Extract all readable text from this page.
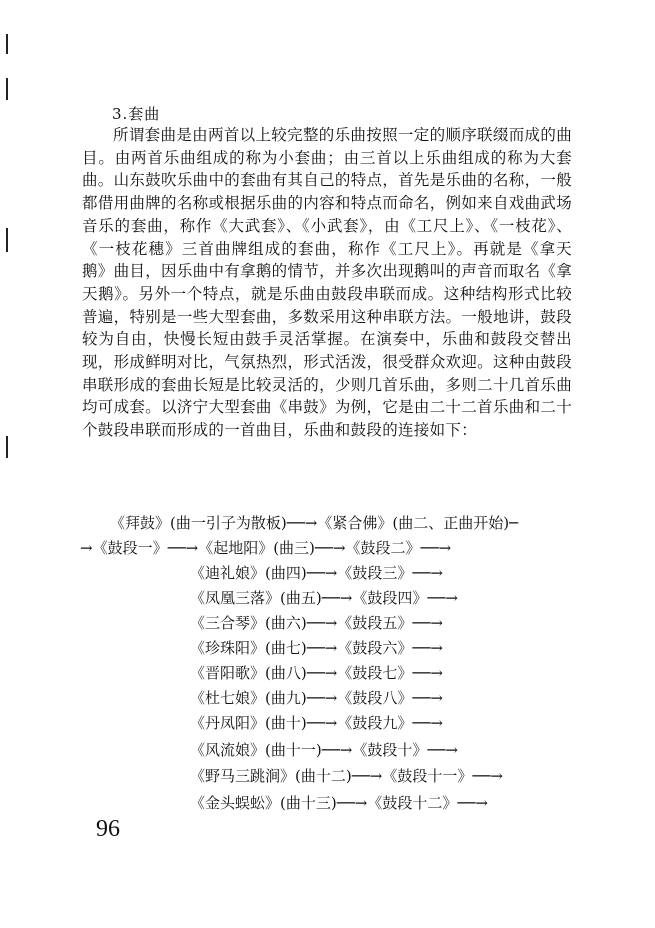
3.套曲

所谓套曲是由两首以上较完整的乐曲按照一定的顺序联缀而成的曲目。由两首乐曲组成的称为小套曲；由三首以上乐曲组成的称为大套曲。山东鼓吹乐曲中的套曲有其自己的特点，首先是乐曲的名称，一般都借用曲牌的名称或根据乐曲的内容和特点而命名，例如来自戏曲武场音乐的套曲，称作《大武套》、《小武套》，由《工尺上》、《一枝花》、《一枝花穗》三首曲牌组成的套曲，称作《工尺上》。再就是《拿天鹅》曲目，因乐曲中有拿鹅的情节，并多次出现鹅叫的声音而取名《拿天鹅》。另外一个特点，就是乐曲由鼓段串联而成。这种结构形式比较普遍，特别是一些大型套曲，多数采用这种串联方法。一般地讲，鼓段较为自由，快慢长短由鼓手灵活掌握。在演奏中，乐曲和鼓段交替出现，形成鲜明对比，气氛热烈，形式活泼，很受群众欢迎。这种由鼓段串联形成的套曲长短是比较灵活的，少则几首乐曲，多则二十几首乐曲均可成套。以济宁大型套曲《串鼓》为例，它是由二十二首乐曲和二十个鼓段串联而形成的一首曲目，乐曲和鼓段的连接如下：

《拜鼓》(曲一引子为散板)──→《紧合佛》(曲二、正曲开始)─
→《鼓段一》──→《起地阳》(曲三)──→《鼓段二》──→
《迪礼娘》(曲四)──→《鼓段三》──→
《凤凰三落》(曲五)──→《鼓段四》──→
《三合琴》(曲六)──→《鼓段五》──→
《珍珠阳》(曲七)──→《鼓段六》──→
《晋阳歌》(曲八)──→《鼓段七》──→
《杜七娘》(曲九)──→《鼓段八》──→
《丹凤阳》(曲十)──→《鼓段九》──→
《风流娘》(曲十一)──→《鼓段十》──→
《野马三跳涧》(曲十二)──→《鼓段十一》──→
《金头蜈蚣》(曲十三)──→《鼓段十二》──→
96
